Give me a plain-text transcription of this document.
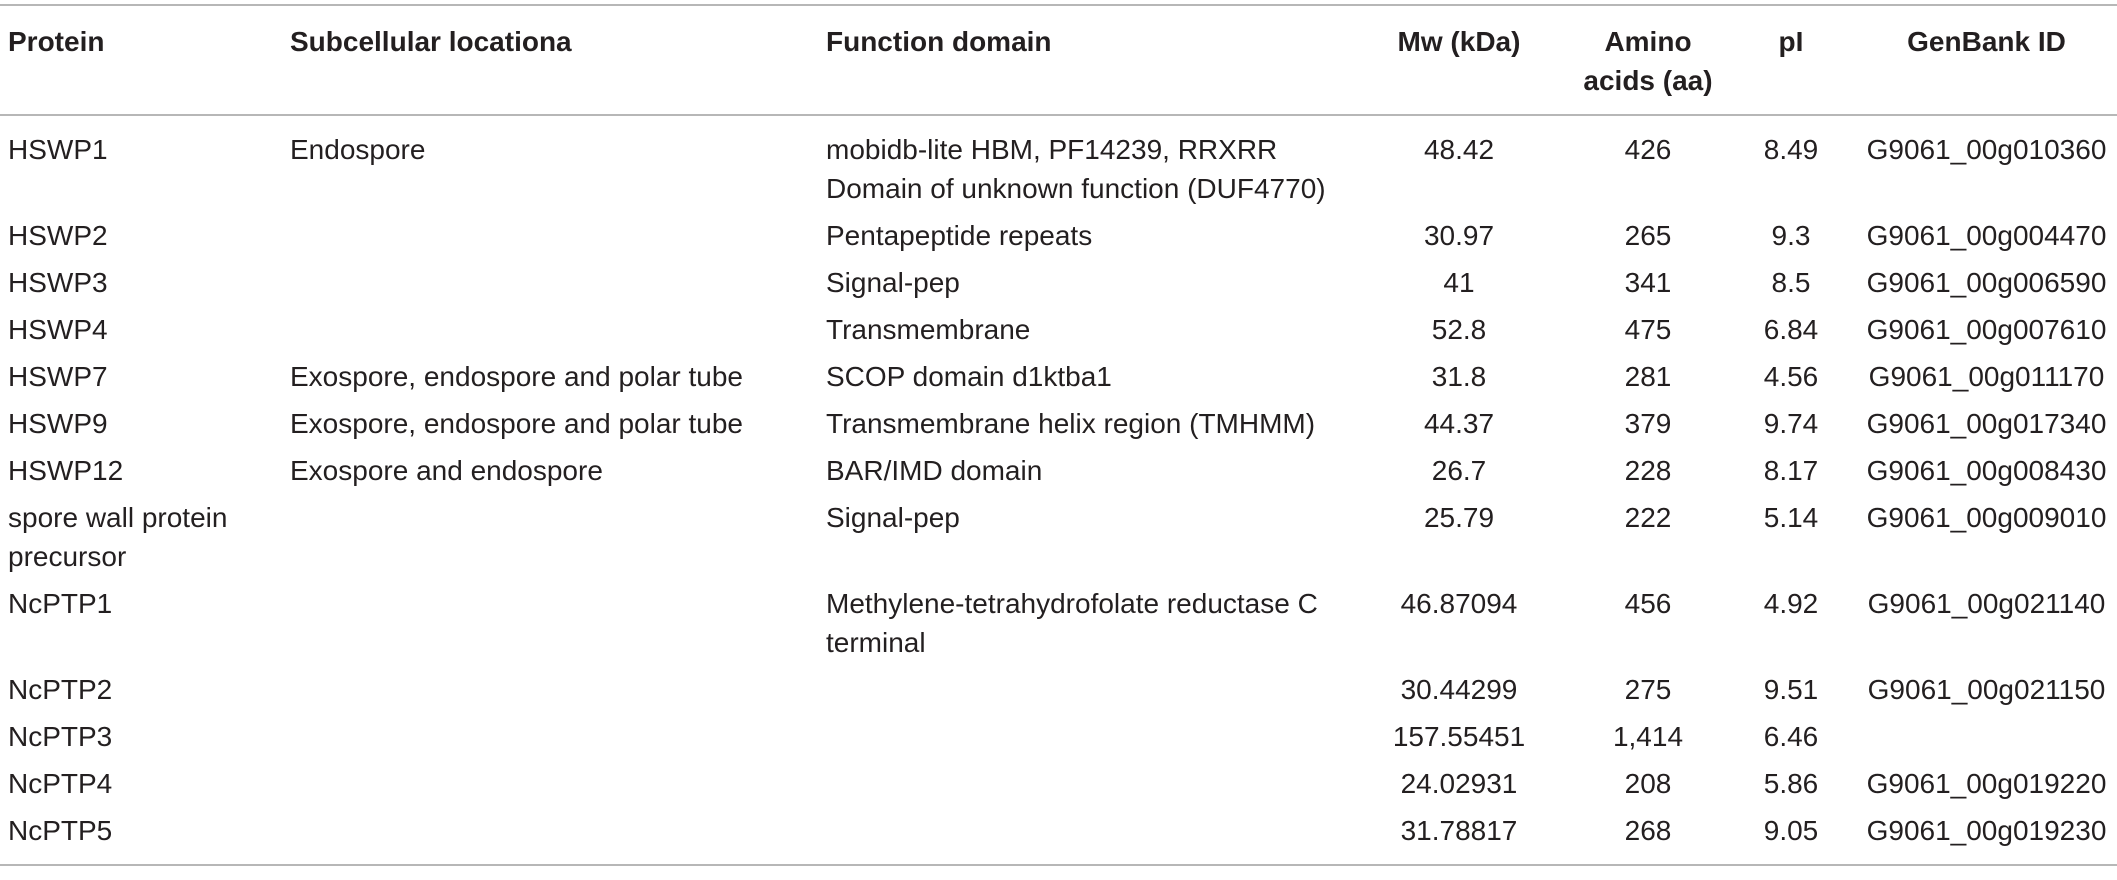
Protein	Subcellular locationa	Function domain	Mw (kDa)	Amino acids (aa)	pI	GenBank ID
HSWP1	Endospore	mobidb-lite HBM, PF14239, RRXRR Domain of unknown function (DUF4770)	48.42	426	8.49	G9061_00g010360
HSWP2		Pentapeptide repeats	30.97	265	9.3	G9061_00g004470
HSWP3		Signal-pep	41	341	8.5	G9061_00g006590
HSWP4		Transmembrane	52.8	475	6.84	G9061_00g007610
HSWP7	Exospore, endospore and polar tube	SCOP domain d1ktba1	31.8	281	4.56	G9061_00g011170
HSWP9	Exospore, endospore and polar tube	Transmembrane helix region (TMHMM)	44.37	379	9.74	G9061_00g017340
HSWP12	Exospore and endospore	BAR/IMD domain	26.7	228	8.17	G9061_00g008430
spore wall protein precursor		Signal-pep	25.79	222	5.14	G9061_00g009010
NcPTP1		Methylene-tetrahydrofolate reductase C terminal	46.87094	456	4.92	G9061_00g021140
NcPTP2			30.44299	275	9.51	G9061_00g021150
NcPTP3			157.55451	1,414	6.46	
NcPTP4			24.02931	208	5.86	G9061_00g019220
NcPTP5			31.78817	268	9.05	G9061_00g019230
